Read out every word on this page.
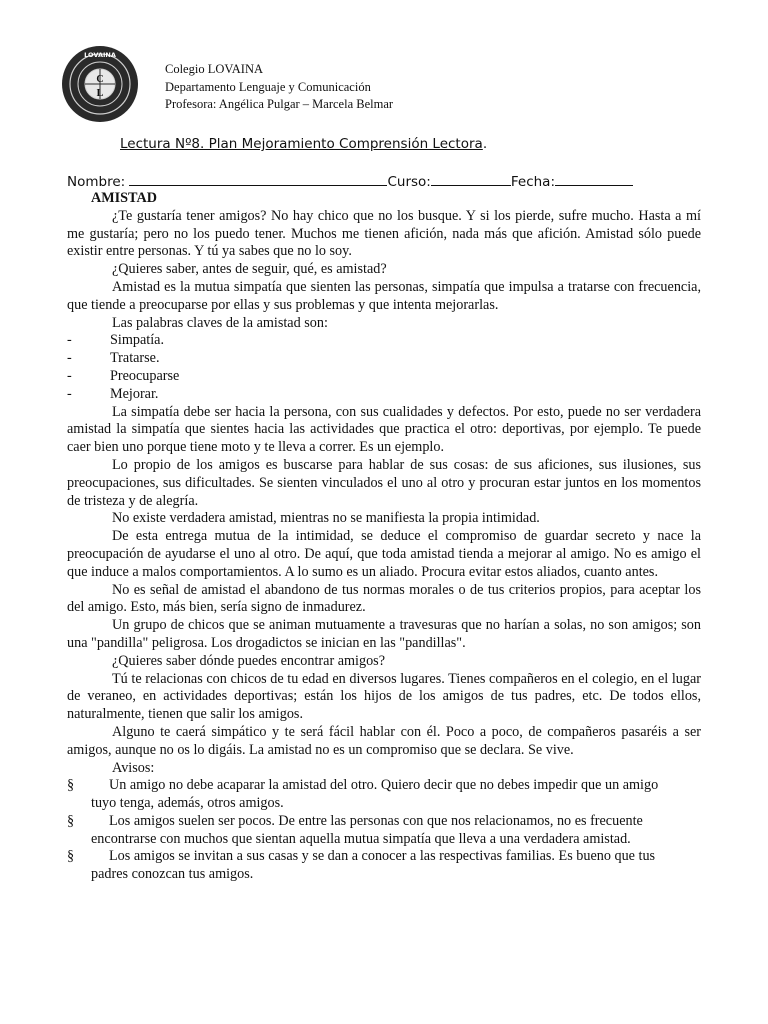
LOVAINA
C
L
Colegio LOVAINA
Departamento Lenguaje y Comunicación
Profesora: Angélica Pulgar – Marcela Belmar
Lectura Nº8. Plan Mejoramiento Comprensión Lectora.
Nombre:	Curso:	Fecha:
AMISTAD

¿Te gustaría tener amigos? No hay chico que no los busque. Y si los pierde, sufre mucho. Hasta a mí me gustaría; pero no los puedo tener. Muchos me tienen afición, nada más que afición. Amistad sólo puede existir entre personas. Y tú ya sabes que no lo soy.

¿Quieres saber, antes de seguir, qué, es amistad?

Amistad es la mutua simpatía que sienten las personas, simpatía que impulsa a tratarse con frecuencia, que tiende a preocuparse por ellas y sus problemas y que intenta mejorarlas.

Las palabras claves de la amistad son:

-	Simpatía.
-	Tratarse.
-	Preocuparse
-	Mejorar.

La simpatía debe ser hacia la persona, con sus cualidades y defectos. Por esto, puede no ser verdadera amistad la simpatía que sientes hacia las actividades que practica el otro: deportivas, por ejemplo. Te puede caer bien uno porque tiene moto y te lleva a correr. Es un ejemplo.

Lo propio de los amigos es buscarse para hablar de sus cosas: de sus aficiones, sus ilusiones, sus preocupaciones, sus dificultades. Se sienten vinculados el uno al otro y procuran estar juntos en los momentos de tristeza y de alegría.

No existe verdadera amistad, mientras no se manifiesta la propia intimidad.

De esta entrega mutua de la intimidad, se deduce el compromiso de guardar secreto y nace la preocupación de ayudarse el uno al otro. De aquí, que toda amistad tienda a mejorar al amigo. No es amigo el que induce a malos comportamientos. A lo sumo es un aliado. Procura evitar estos aliados, cuanto antes.

No es señal de amistad el abandono de tus normas morales o de tus criterios propios, para aceptar los del amigo. Esto, más bien, sería signo de inmadurez.

Un grupo de chicos que se animan mutuamente a travesuras que no harían a solas, no son amigos; son una "pandilla" peligrosa. Los drogadictos se inician en las "pandillas".

¿Quieres saber dónde puedes encontrar amigos?

Tú te relacionas con chicos de tu edad en diversos lugares. Tienes compañeros en el colegio, en el lugar de veraneo, en actividades deportivas; están los hijos de los amigos de tus padres, etc. De todos ellos, naturalmente, tienen que salir los amigos.

Alguno te caerá simpático y te será fácil hablar con él. Poco a poco, de compañeros pasaréis a ser amigos, aunque no os lo digáis. La amistad no es un compromiso que se declara. Se vive.

Avisos:

§	Un amigo no debe acaparar la amistad del otro. Quiero decir que no debes impedir que un amigo
tuyo tenga, además, otros amigos.
§	Los amigos suelen ser pocos. De entre las personas con que nos relacionamos, no es frecuente
encontrarse con muchos que sientan aquella mutua simpatía que lleva a una verdadera amistad.
§	Los amigos se invitan a sus casas y se dan a conocer a las respectivas familias. Es bueno que tus
padres conozcan tus amigos.
